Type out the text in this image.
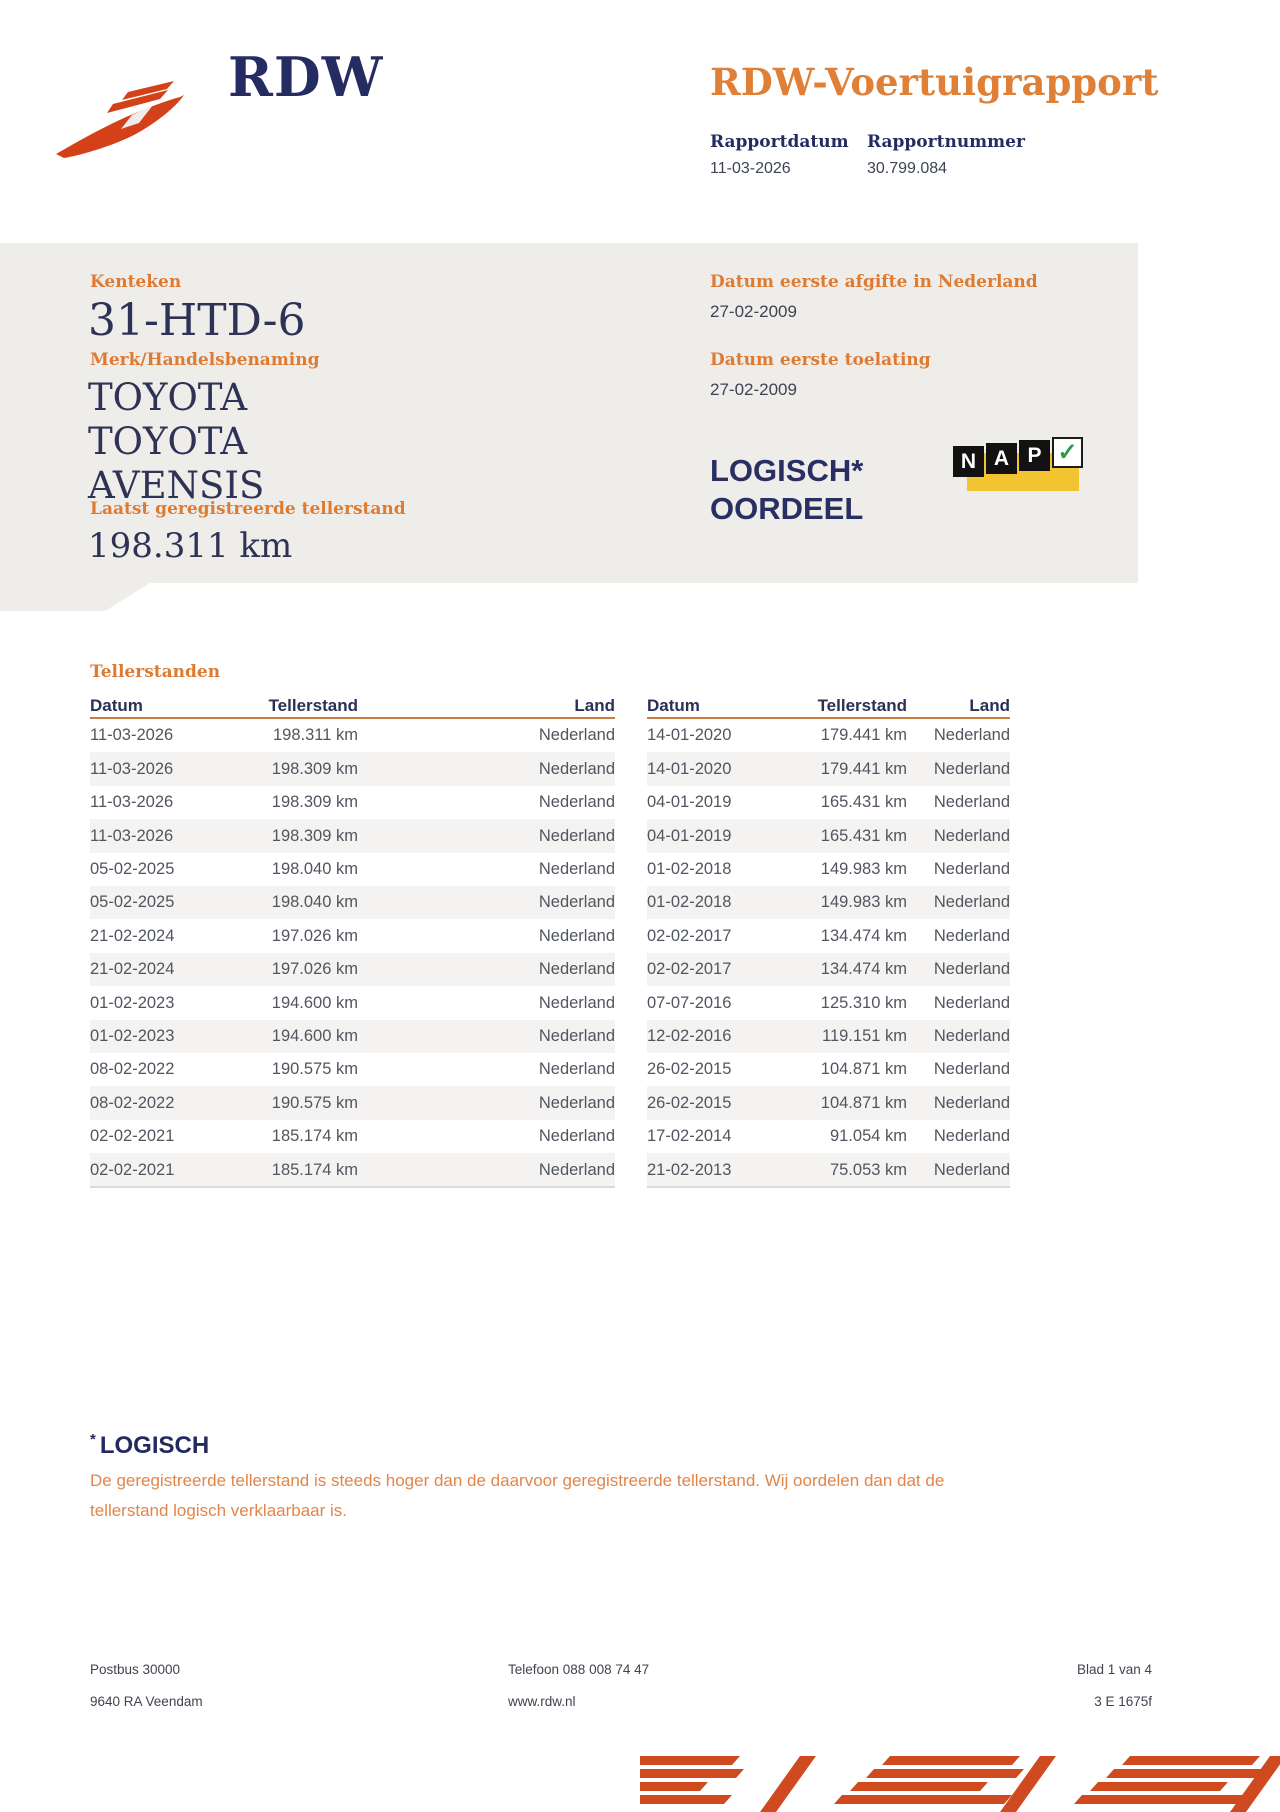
RDW	RDW-Voertuigrapport
Rapportdatum Rapportnummer
11-03-2026	30.799.084
Kenteken
31-HTD-6
Merk/Handelsbenaming
TOYOTA TOYOTA AVENSIS
Laatst geregistreerde tellerstand
198.311 km
Datum eerste afgifte in Nederland
27-02-2009
Datum eerste toelating
27-02-2009
LOGISCH*
OORDEEL
N A P ✓
Tellerstanden
Datum	Tellerstand	Land
11-03-2026	198.311 km	Nederland
11-03-2026	198.309 km	Nederland
11-03-2026	198.309 km	Nederland
11-03-2026	198.309 km	Nederland
05-02-2025	198.040 km	Nederland
05-02-2025	198.040 km	Nederland
21-02-2024	197.026 km	Nederland
21-02-2024	197.026 km	Nederland
01-02-2023	194.600 km	Nederland
01-02-2023	194.600 km	Nederland
08-02-2022	190.575 km	Nederland
08-02-2022	190.575 km	Nederland
02-02-2021	185.174 km	Nederland
02-02-2021	185.174 km	Nederland
Datum	Tellerstand	Land
14-01-2020	179.441 km	Nederland
14-01-2020	179.441 km	Nederland
04-01-2019	165.431 km	Nederland
04-01-2019	165.431 km	Nederland
01-02-2018	149.983 km	Nederland
01-02-2018	149.983 km	Nederland
02-02-2017	134.474 km	Nederland
02-02-2017	134.474 km	Nederland
07-07-2016	125.310 km	Nederland
12-02-2016	119.151 km	Nederland
26-02-2015	104.871 km	Nederland
26-02-2015	104.871 km	Nederland
17-02-2014	91.054 km	Nederland
21-02-2013	75.053 km	Nederland
* LOGISCH
De geregistreerde tellerstand is steeds hoger dan de daarvoor geregistreerde tellerstand. Wij oordelen dan dat de
tellerstand logisch verklaarbaar is.
Postbus 30000
9640 RA Veendam
Telefoon 088 008 74 47
www.rdw.nl
Blad 1 van 4
3 E 1675f
